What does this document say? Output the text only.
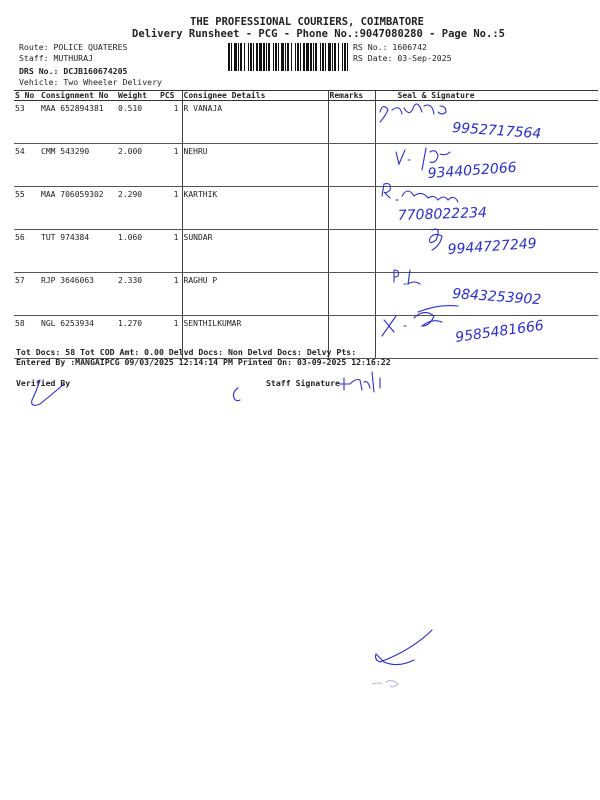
THE PROFESSIONAL COURIERS, COIMBATORE
Delivery Runsheet - PCG - Phone No.:9047080280 - Page No.:5
Route: POLICE QUATERES
Staff: MUTHURAJ
DRS No.: DCJB160674205
Vehicle: Two Wheeler Delivery
RS No.: 1606742
RS Date: 03-Sep-2025
S No	Consignment No	Weight	PCS	Consignee Details	Remarks	Seal & Signature
53	MAA 652894381	0.510	1	R VANAJA		
54	CMM 543290	2.000	1	NEHRU		
55	MAA 706059302	2.290	1	KARTHIK		
56	TUT 974384	1.060	1	SUNDAR		
57	RJP 3646063	2.330	1	RAGHU P		
58	NGL 6253934	1.270	1	SENTHILKUMAR		
Tot Docs: 58 Tot COD Amt: 0.00 Delvd Docs: Non Delvd Docs: Delvy Pts:
Entered By :MANGAIPCG 09/03/2025 12:14:14 PM Printed On: 03-09-2025 12:16:22
Verified By	Staff Signature
9952717564
9344052066
7708022234
9944727249
9843253902
9585481666
